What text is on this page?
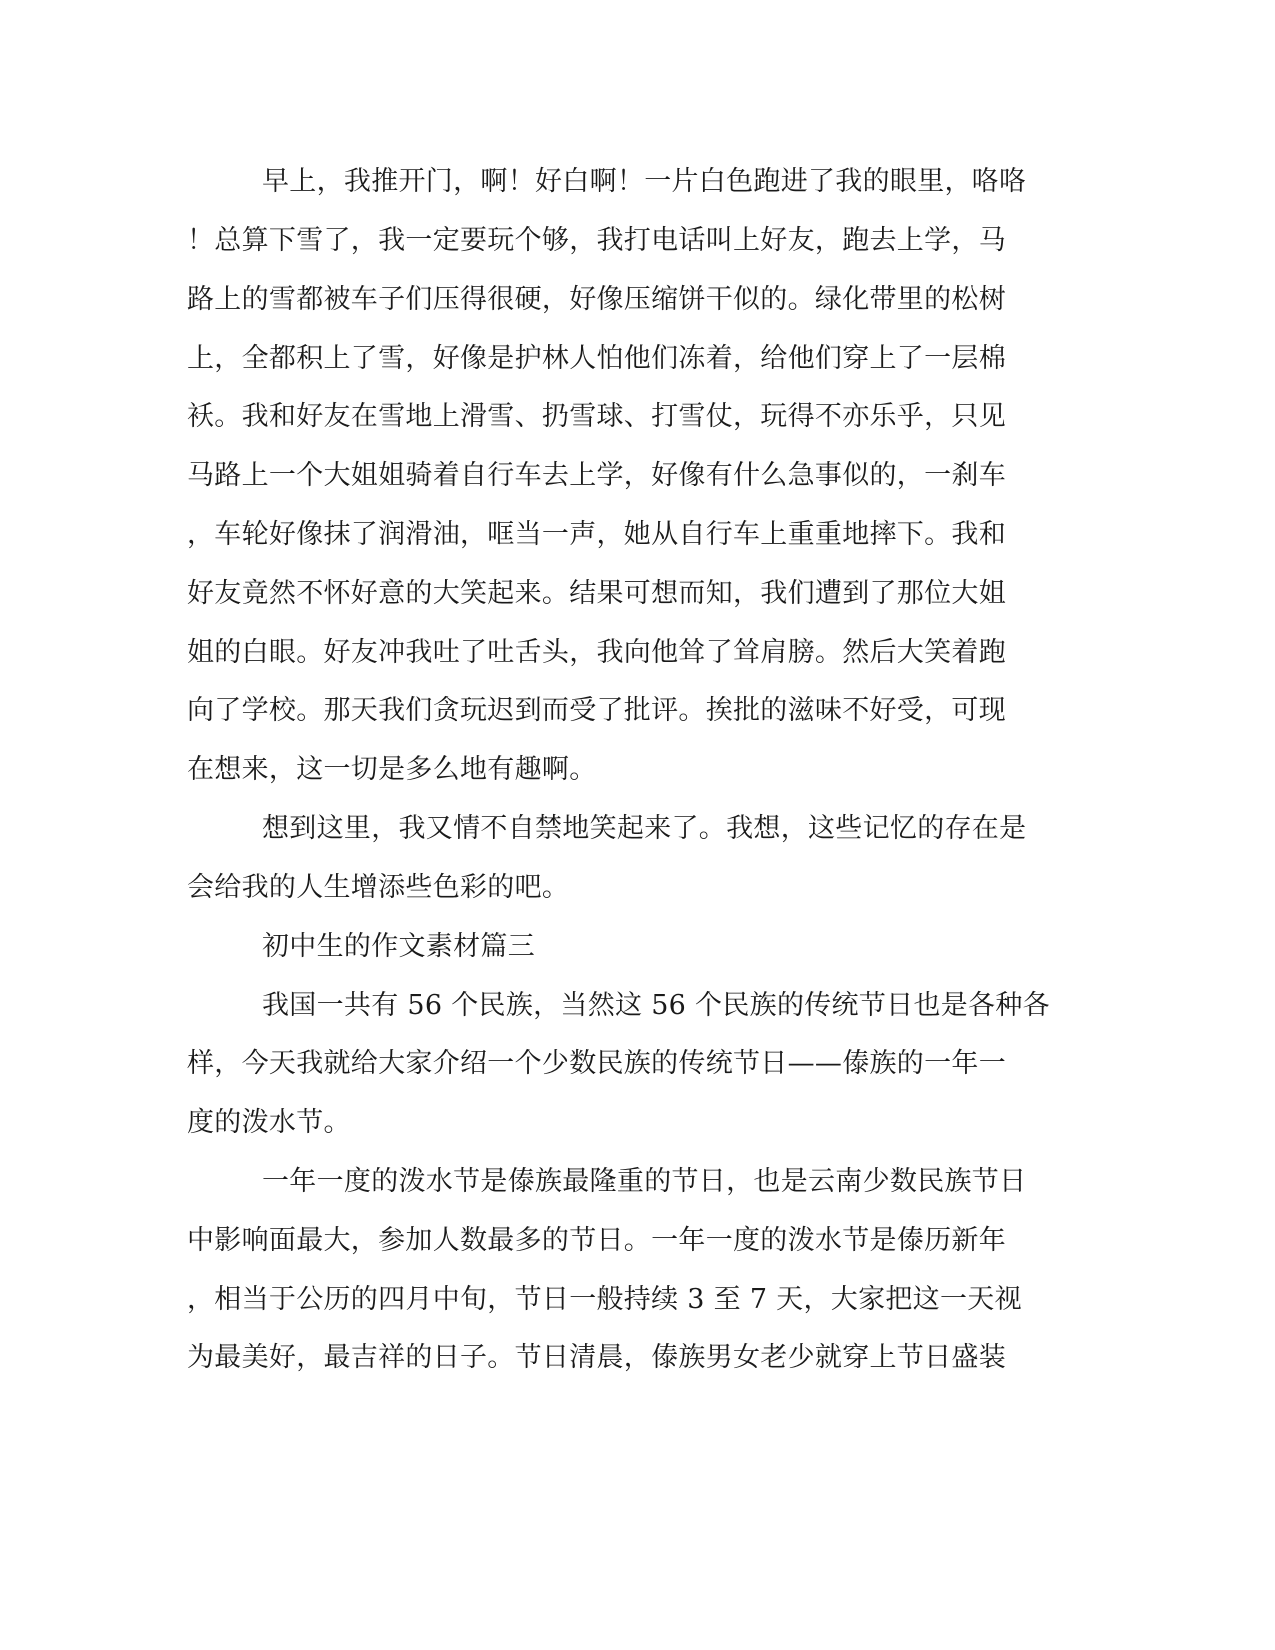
早上，我推开门，啊！好白啊！一片白色跑进了我的眼里，咯咯

！总算下雪了，我一定要玩个够，我打电话叫上好友，跑去上学，马

路上的雪都被车子们压得很硬，好像压缩饼干似的。绿化带里的松树

上，全都积上了雪，好像是护林人怕他们冻着，给他们穿上了一层棉

袄。我和好友在雪地上滑雪、扔雪球、打雪仗，玩得不亦乐乎，只见

马路上一个大姐姐骑着自行车去上学，好像有什么急事似的，一刹车

，车轮好像抹了润滑油，哐当一声，她从自行车上重重地摔下。我和

好友竟然不怀好意的大笑起来。结果可想而知，我们遭到了那位大姐

姐的白眼。好友冲我吐了吐舌头，我向他耸了耸肩膀。然后大笑着跑

向了学校。那天我们贪玩迟到而受了批评。挨批的滋味不好受，可现

在想来，这一切是多么地有趣啊。

想到这里，我又情不自禁地笑起来了。我想，这些记忆的存在是

会给我的人生增添些色彩的吧。

初中生的作文素材篇三

我国一共有 56 个民族，当然这 56 个民族的传统节日也是各种各

样，今天我就给大家介绍一个少数民族的传统节日——傣族的一年一

度的泼水节。

一年一度的泼水节是傣族最隆重的节日，也是云南少数民族节日

中影响面最大，参加人数最多的节日。一年一度的泼水节是傣历新年

，相当于公历的四月中旬，节日一般持续 3 至 7 天，大家把这一天视

为最美好，最吉祥的日子。节日清晨，傣族男女老少就穿上节日盛装
